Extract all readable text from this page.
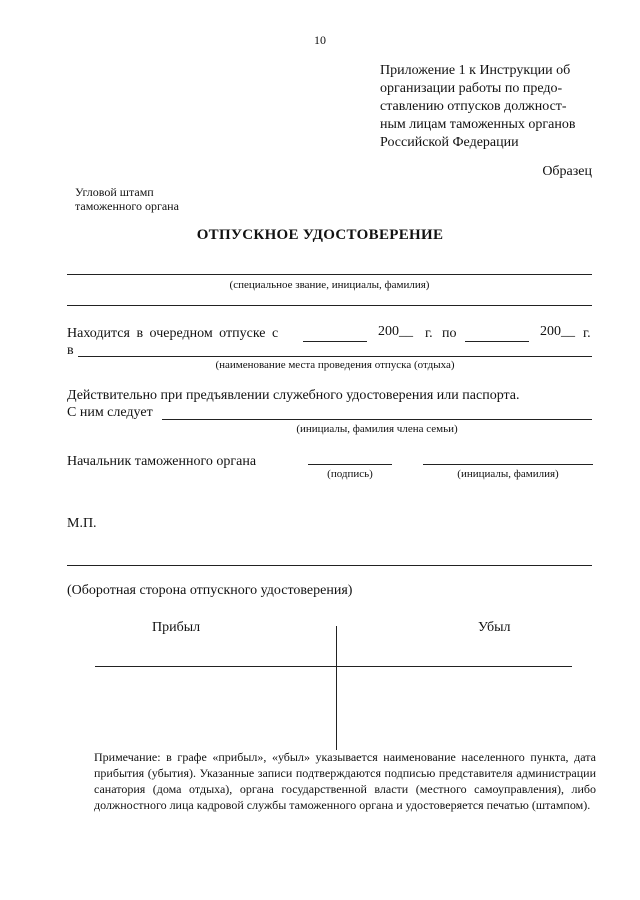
10
Приложение 1 к Инструкции об
организации работы по предо-
ставлению отпусков должност-
ным лицам таможенных органов
Российской Федерации
Образец
Угловой штамп
таможенного органа
ОТПУСКНОЕ УДОСТОВЕРЕНИЕ
(специальное звание, инициалы, фамилия)
Находится в очередном отпуске с	200__ г. по	200__ г.
в
(наименование места проведения отпуска (отдыха)
Действительно при предъявлении служебного удостоверения или паспорта.
С ним следует
(инициалы, фамилия члена семьи)
Начальник таможенного органа
(подпись)	(инициалы, фамилия)
М.П.
(Оборотная сторона отпускного удостоверения)
Прибыл	Убыл
Примечание: в графе «прибыл», «убыл» указывается наименование населенного пункта, дата прибытия (убытия). Указанные записи подтверждаются подписью представителя администрации санатория (дома отдыха), органа государственной власти (местного самоуправления), либо должностного лица кадровой службы таможенного органа и удостоверяется печатью (штампом).
